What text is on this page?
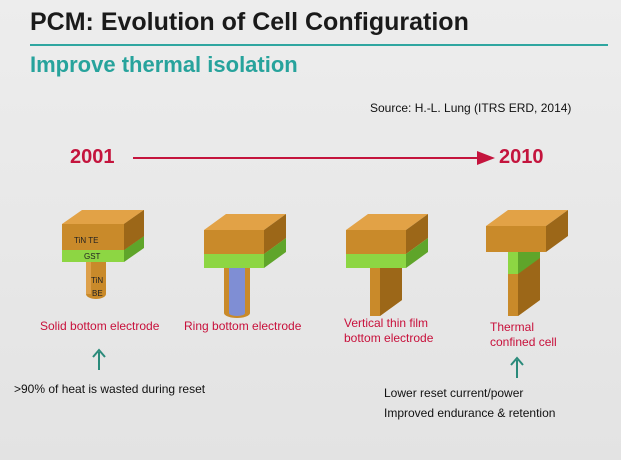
PCM: Evolution of Cell Configuration
Improve thermal isolation
Source: H.-L. Lung (ITRS ERD, 2014)
2001	2010
TiN TE
GST
TiN
BE
Solid bottom electrode Ring bottom electrode	Vertical thin film
bottom electrode
Thermal
confined cell
>90% of heat is wasted during reset	Lower reset current/power
Improved endurance & retention
